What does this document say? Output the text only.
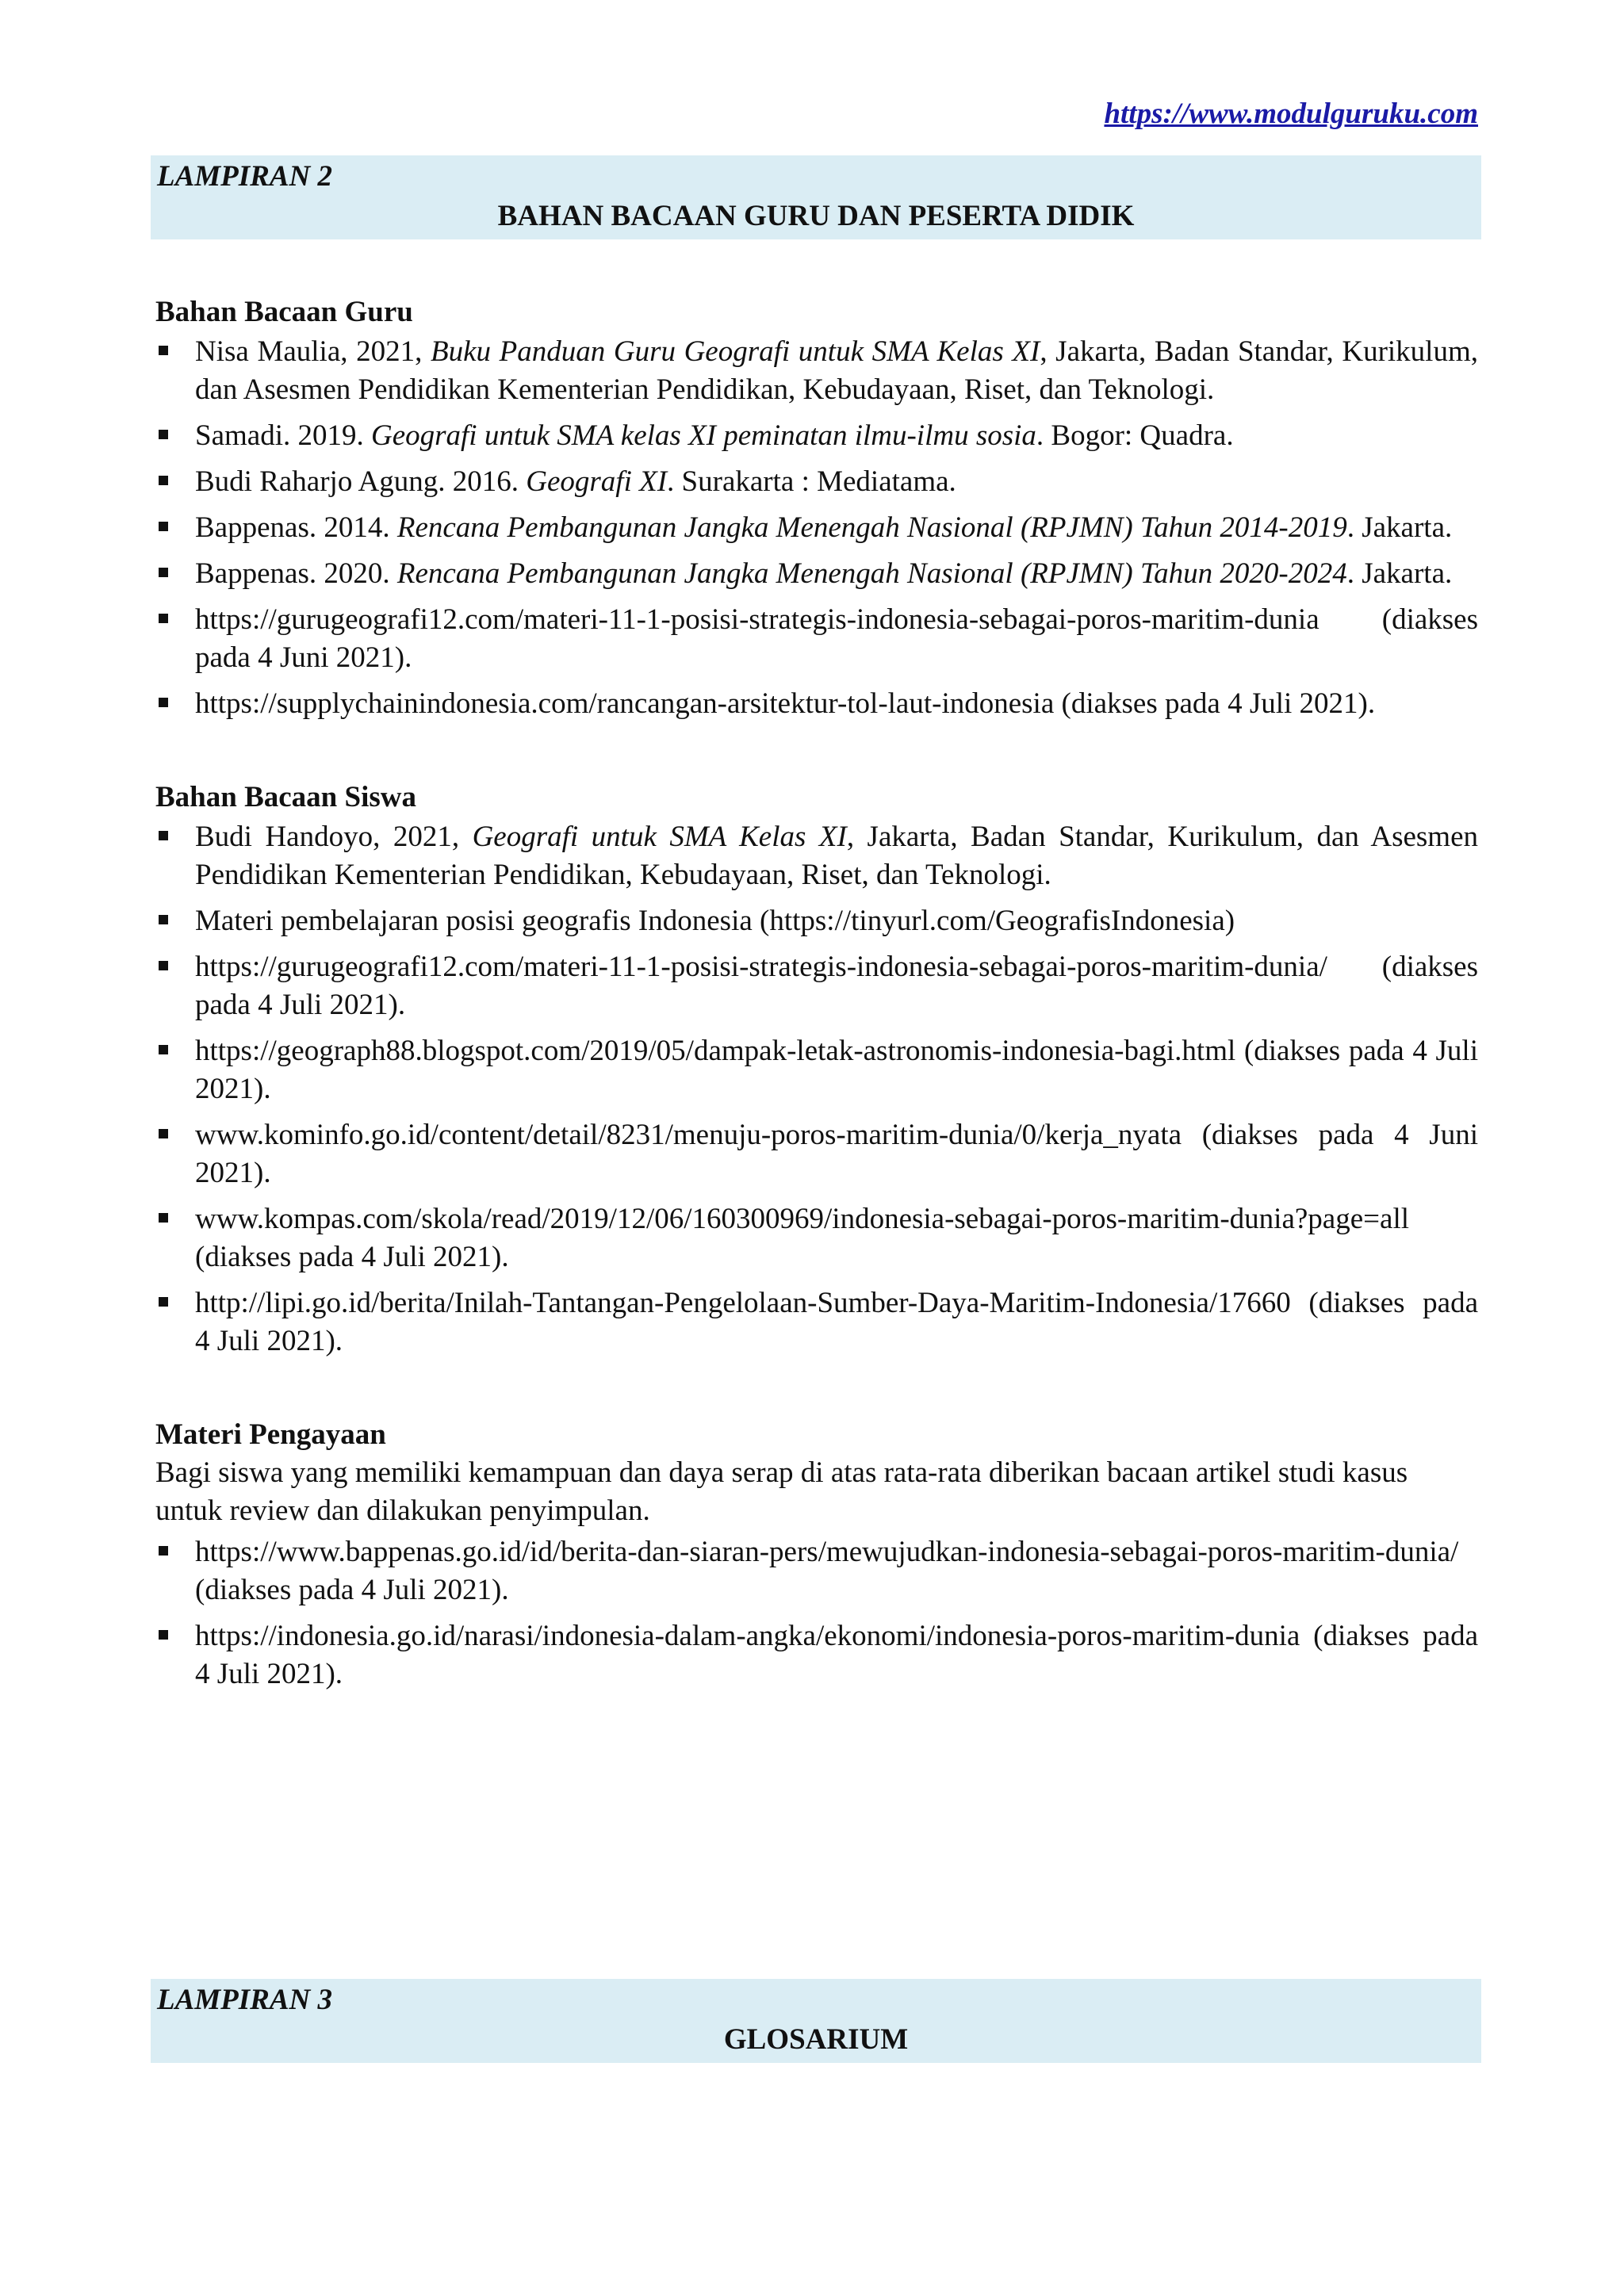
https://www.modulguruku.com
LAMPIRAN 2
BAHAN BACAAN GURU DAN PESERTA DIDIK

Bahan Bacaan Guru

Nisa Maulia, 2021, Buku Panduan Guru Geografi untuk SMA Kelas XI, Jakarta, Badan Standar, Kurikulum, dan Asesmen Pendidikan Kementerian Pendidikan, Kebudayaan, Riset, dan Teknologi.
Samadi. 2019. Geografi untuk SMA kelas XI peminatan ilmu-ilmu sosia. Bogor: Quadra.
Budi Raharjo Agung. 2016. Geografi XI. Surakarta : Mediatama.
Bappenas. 2014. Rencana Pembangunan Jangka Menengah Nasional (RPJMN) Tahun 2014-2019. Jakarta.
Bappenas. 2020. Rencana Pembangunan Jangka Menengah Nasional (RPJMN) Tahun 2020-2024. Jakarta.
https://gurugeografi12.com/materi-11-1-posisi-strategis-indonesia-sebagai-poros-maritim-dunia (diakses pada 4 Juni 2021).
https://supplychainindonesia.com/rancangan-arsitektur-tol-laut-indonesia (diakses pada 4 Juli 2021).

Bahan Bacaan Siswa

Budi Handoyo, 2021, Geografi untuk SMA Kelas XI, Jakarta, Badan Standar, Kurikulum, dan Asesmen Pendidikan Kementerian Pendidikan, Kebudayaan, Riset, dan Teknologi.
Materi pembelajaran posisi geografis Indonesia (https://tinyurl.com/GeografisIndonesia)
https://gurugeografi12.com/materi-11-1-posisi-strategis-indonesia-sebagai-poros-maritim-dunia/ (diakses pada 4 Juli 2021).
https://geograph88.blogspot.com/2019/05/dampak-letak-astronomis-indonesia-bagi.html (diakses pada 4 Juli 2021).
www.kominfo.go.id/content/detail/8231/menuju-poros-maritim-dunia/0/kerja_nyata (diakses pada 4 Juni 2021).
www.kompas.com/skola/read/2019/12/06/160300969/indonesia-sebagai-poros-maritim-dunia?page=all (diakses pada 4 Juli 2021).
http://lipi.go.id/berita/Inilah-Tantangan-Pengelolaan-Sumber-Daya-Maritim-Indonesia/17660 (diakses pada 4 Juli 2021).

Materi Pengayaan

Bagi siswa yang memiliki kemampuan dan daya serap di atas rata-rata diberikan bacaan artikel studi kasus untuk review dan dilakukan penyimpulan.

https://www.bappenas.go.id/id/berita-dan-siaran-pers/mewujudkan-indonesia-sebagai-poros-maritim-dunia/ (diakses pada 4 Juli 2021).
https://indonesia.go.id/narasi/indonesia-dalam-angka/ekonomi/indonesia-poros-maritim-dunia (diakses pada 4 Juli 2021).
LAMPIRAN 3
GLOSARIUM
